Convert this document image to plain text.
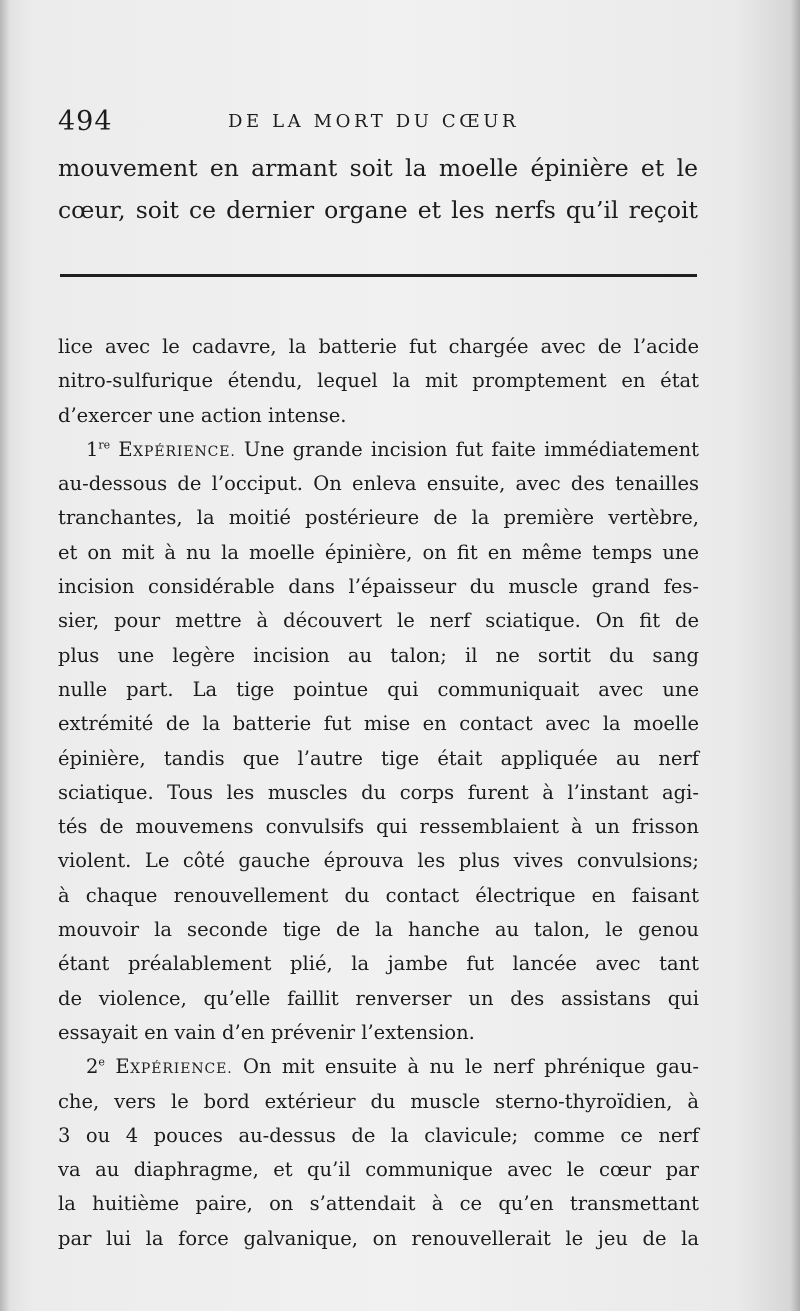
494	DE LA MORT DU CŒUR
mouvement en armant soit la moelle épinière et le
cœur, soit ce dernier organe et les nerfs qu’il reçoit
lice avec le cadavre, la batterie fut chargée avec de l’acide
nitro-sulfurique étendu, lequel la mit promptement en état
d’exercer une action intense.
1re EXPÉRIENCE. Une grande incision fut faite immédiatement
au-dessous de l’occiput. On enleva ensuite, avec des tenailles
tranchantes, la moitié postérieure de la première vertèbre,
et on mit à nu la moelle épinière, on fit en même temps une
incision considérable dans l’épaisseur du muscle grand fes-
sier, pour mettre à découvert le nerf sciatique. On fit de
plus une legère incision au talon; il ne sortit du sang
nulle part. La tige pointue qui communiquait avec une
extrémité de la batterie fut mise en contact avec la moelle
épinière, tandis que l’autre tige était appliquée au nerf
sciatique. Tous les muscles du corps furent à l’instant agi-
tés de mouvemens convulsifs qui ressemblaient à un frisson
violent. Le côté gauche éprouva les plus vives convulsions;
à chaque renouvellement du contact électrique en faisant
mouvoir la seconde tige de la hanche au talon, le genou
étant préalablement plié, la jambe fut lancée avec tant
de violence, qu’elle faillit renverser un des assistans qui
essayait en vain d’en prévenir l’extension.
2e EXPÉRIENCE. On mit ensuite à nu le nerf phrénique gau-
che, vers le bord extérieur du muscle sterno-thyroïdien, à
3 ou 4 pouces au-dessus de la clavicule; comme ce nerf
va au diaphragme, et qu’il communique avec le cœur par
la huitième paire, on s’attendait à ce qu’en transmettant
par lui la force galvanique, on renouvellerait le jeu de la
